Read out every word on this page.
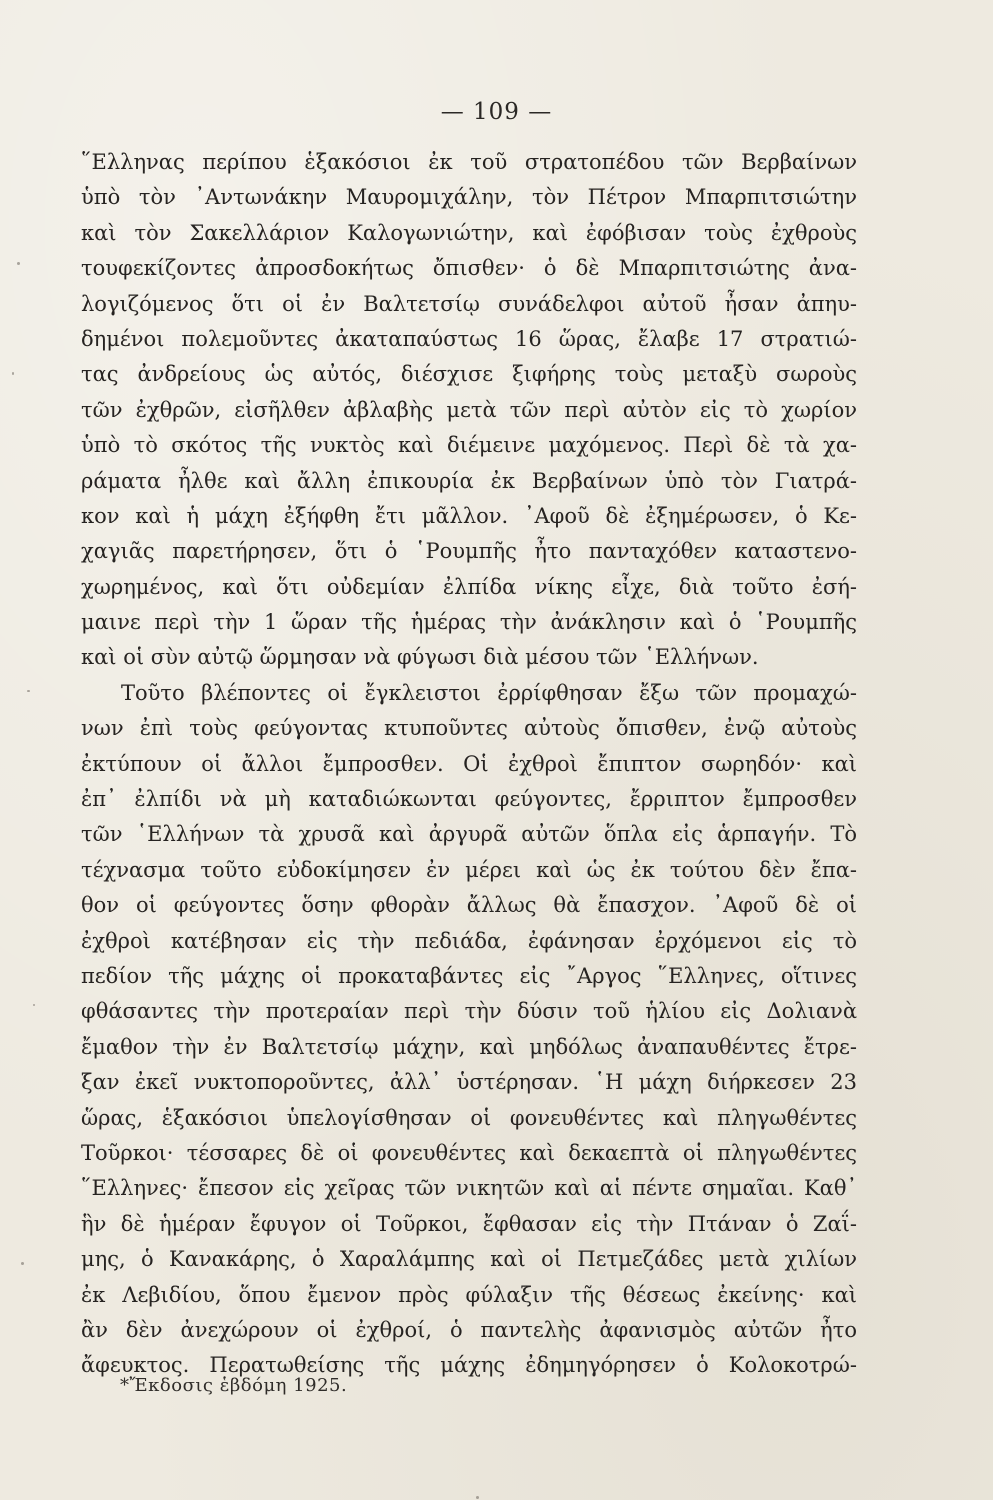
— 109 —
῞Ελληνας περίπου ἑξακόσιοι ἐκ τοῦ στρατοπέδου τῶν Βερβαίνων
ὑπὸ τὸν ᾿Αντωνάκην Μαυρομιχάλην, τὸν Πέτρον Μπαρπιτσιώτην
καὶ τὸν Σακελλάριον Καλογωνιώτην, καὶ ἐφόβισαν τοὺς ἐχθροὺς
τουφεκίζοντες ἀπροσδοκήτως ὄπισθεν· ὁ δὲ Μπαρπιτσιώτης ἀνα-
λογιζόμενος ὅτι οἱ ἐν Βαλτετσίῳ συνάδελφοι αὐτοῦ ἦσαν ἀπηυ-
δημένοι πολεμοῦντες ἀκαταπαύστως 16 ὥρας, ἔλαβε 17 στρατιώ-
τας ἀνδρείους ὡς αὐτός, διέσχισε ξιφήρης τοὺς μεταξὺ σωροὺς
τῶν ἐχθρῶν, εἰσῆλθεν ἀβλαβὴς μετὰ τῶν περὶ αὐτὸν εἰς τὸ χωρίον
ὑπὸ τὸ σκότος τῆς νυκτὸς καὶ διέμεινε μαχόμενος. Περὶ δὲ τὰ χα-
ράματα ἦλθε καὶ ἄλλη ἐπικουρία ἐκ Βερβαίνων ὑπὸ τὸν Γιατρά-
κον καὶ ἡ μάχη ἐξήφθη ἔτι μᾶλλον. ᾿Αφοῦ δὲ ἐξημέρωσεν, ὁ Κε-
χαγιᾶς παρετήρησεν, ὅτι ὁ ῾Ρουμπῆς ἦτο πανταχόθεν καταστενο-
χωρημένος, καὶ ὅτι οὐδεμίαν ἐλπίδα νίκης εἶχε, διὰ τοῦτο ἐσή-
μαινε περὶ τὴν 1 ὥραν τῆς ἡμέρας τὴν ἀνάκλησιν καὶ ὁ ῾Ρουμπῆς
καὶ οἱ σὺν αὐτῷ ὥρμησαν νὰ φύγωσι διὰ μέσου τῶν ῾Ελλήνων.
Τοῦτο βλέποντες οἱ ἔγκλειστοι ἐρρίφθησαν ἔξω τῶν προμαχώ-
νων ἐπὶ τοὺς φεύγοντας κτυποῦντες αὐτοὺς ὄπισθεν, ἐνῷ αὐτοὺς
ἐκτύπουν οἱ ἄλλοι ἔμπροσθεν. Οἱ ἐχθροὶ ἔπιπτον σωρηδόν· καὶ
ἐπ᾿ ἐλπίδι νὰ μὴ καταδιώκωνται φεύγοντες, ἔρριπτον ἔμπροσθεν
τῶν ῾Ελλήνων τὰ χρυσᾶ καὶ ἀργυρᾶ αὐτῶν ὅπλα εἰς ἁρπαγήν. Τὸ
τέχνασμα τοῦτο εὐδοκίμησεν ἐν μέρει καὶ ὡς ἐκ τούτου δὲν ἔπα-
θον οἱ φεύγοντες ὅσην φθορὰν ἄλλως θὰ ἔπασχον. ᾿Αφοῦ δὲ οἱ
ἐχθροὶ κατέβησαν εἰς τὴν πεδιάδα, ἐφάνησαν ἐρχόμενοι εἰς τὸ
πεδίον τῆς μάχης οἱ προκαταβάντες εἰς ῎Αργος ῞Ελληνες, οἵτινες
φθάσαντες τὴν προτεραίαν περὶ τὴν δύσιν τοῦ ἡλίου εἰς Δολιανὰ
ἔμαθον τὴν ἐν Βαλτετσίῳ μάχην, καὶ μηδόλως ἀναπαυθέντες ἔτρε-
ξαν ἐκεῖ νυκτοποροῦντες, ἀλλ᾿ ὑστέρησαν. ῾Η μάχη διήρκεσεν 23
ὥρας, ἑξακόσιοι ὑπελογίσθησαν οἱ φονευθέντες καὶ πληγωθέντες
Τοῦρκοι· τέσσαρες δὲ οἱ φονευθέντες καὶ δεκαεπτὰ οἱ πληγωθέντες
῞Ελληνες· ἔπεσον εἰς χεῖρας τῶν νικητῶν καὶ αἱ πέντε σημαῖαι. Καθ᾿
ἣν δὲ ἡμέραν ἔφυγον οἱ Τοῦρκοι, ἔφθασαν εἰς τὴν Πτάναν ὁ Ζαΐ-
μης, ὁ Κανακάρης, ὁ Χαραλάμπης καὶ οἱ Πετμεζάδες μετὰ χιλίων
ἐκ Λεβιδίου, ὅπου ἔμενον πρὸς φύλαξιν τῆς θέσεως ἐκείνης· καὶ
ἂν δὲν ἀνεχώρουν οἱ ἐχθροί, ὁ παντελὴς ἀφανισμὸς αὐτῶν ἦτο
ἄφευκτος. Περατωθείσης τῆς μάχης ἐδημηγόρησεν ὁ Κολοκοτρώ-
*Ἔκδοσις ἑβδόμη 1925.
